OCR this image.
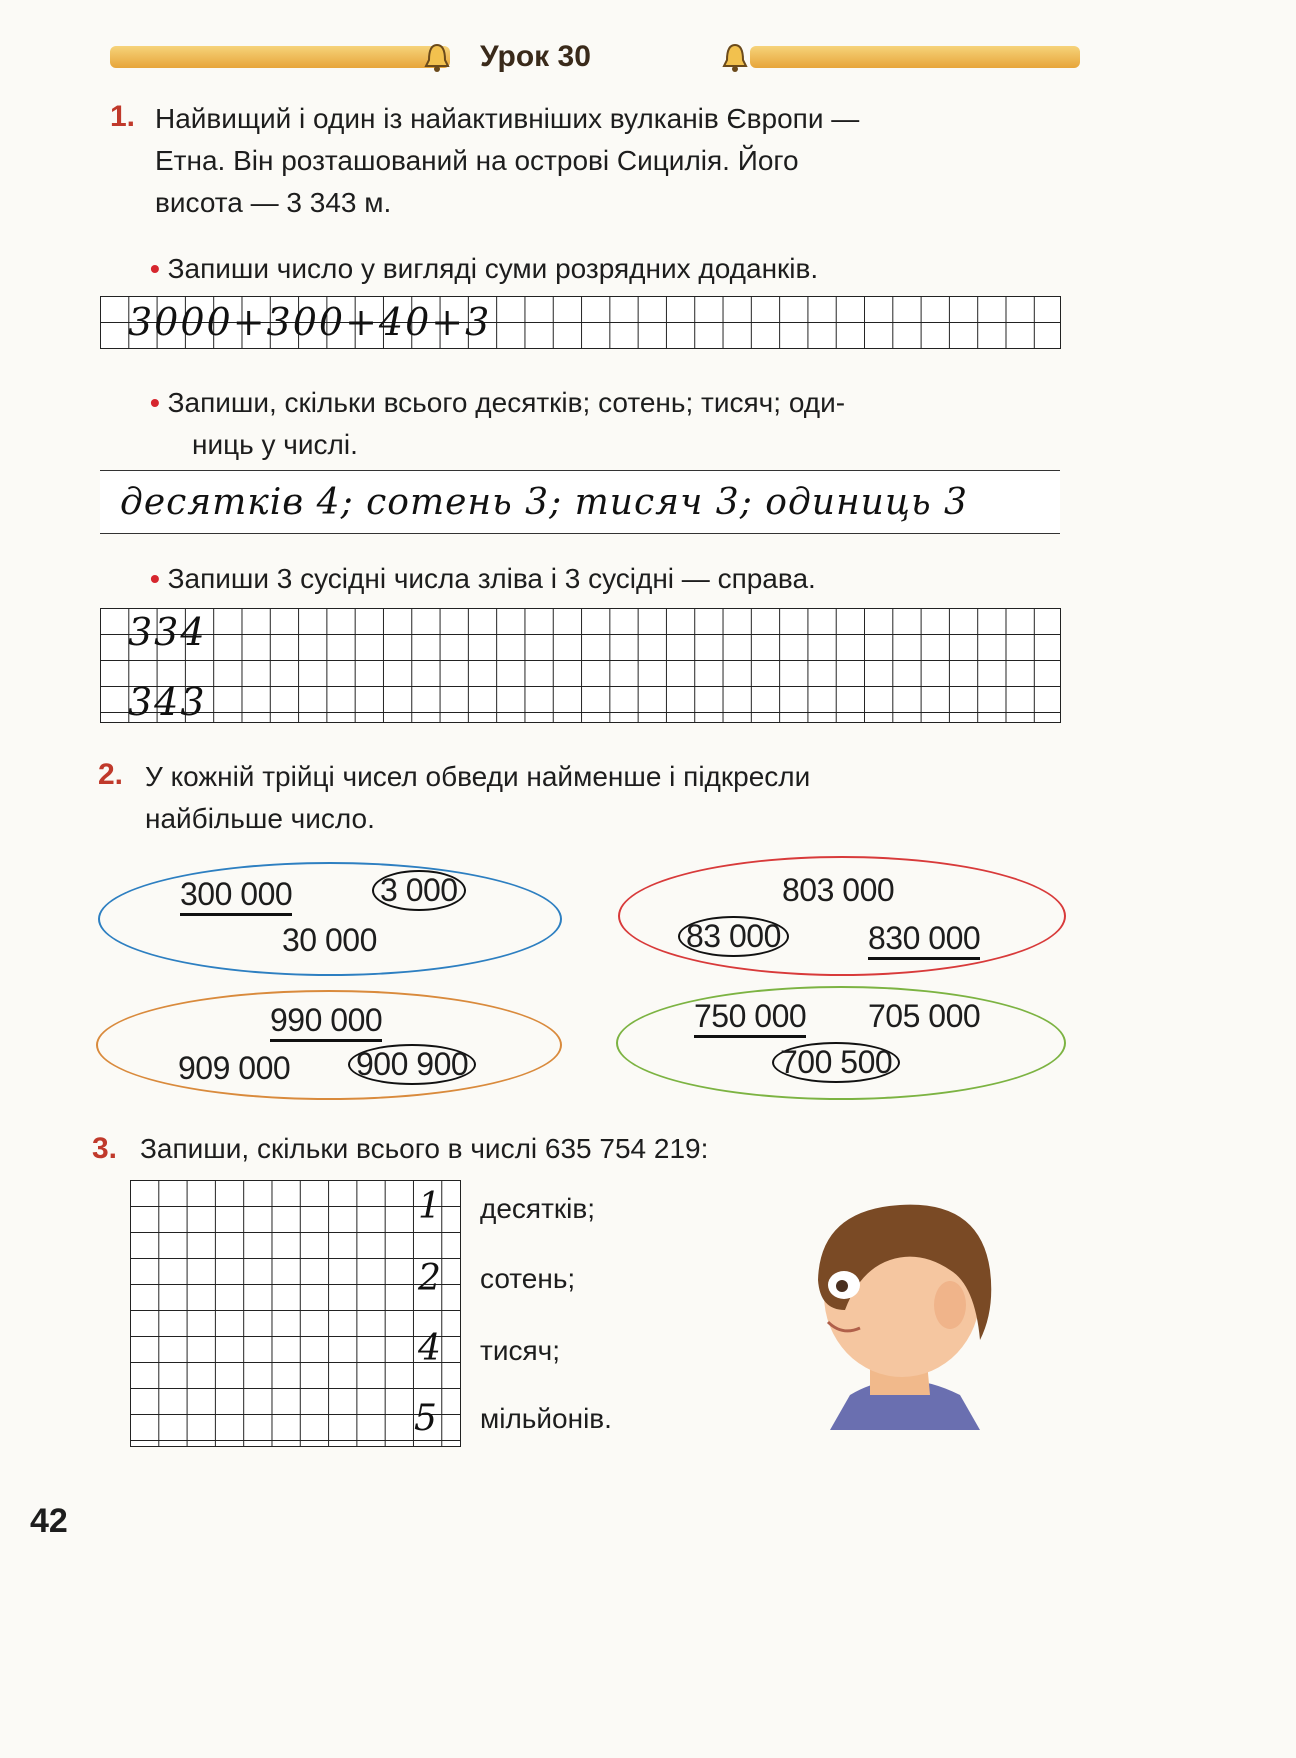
Урок 30
1. Найвищий і один із найактивніших вулканів Європи —
Етна. Він розташований на острові Сицилія. Його
висота — 3 343 м.
• Запиши число у вигляді суми розрядних доданків.
3000+300+40+3
• Запиши, скільки всього десятків; сотень; тисяч; оди-
ниць у числі.
десятків 4; сотень 3; тисяч 3; одиниць 3
• Запиши 3 сусідні числа зліва і 3 сусідні — справа.
334
343
2. У кожній трійці чисел обведи найменше і підкресли
найбільше число.
300 000	3 000
30 000
803 000
83 000	830 000
990 000
909 000 900 900
750 000 705 000
700 500
3. Запиши, скільки всього в числі 635 754 219:
1 десятків;
2 сотень;
4 тисяч;
5 мільйонів.
42
